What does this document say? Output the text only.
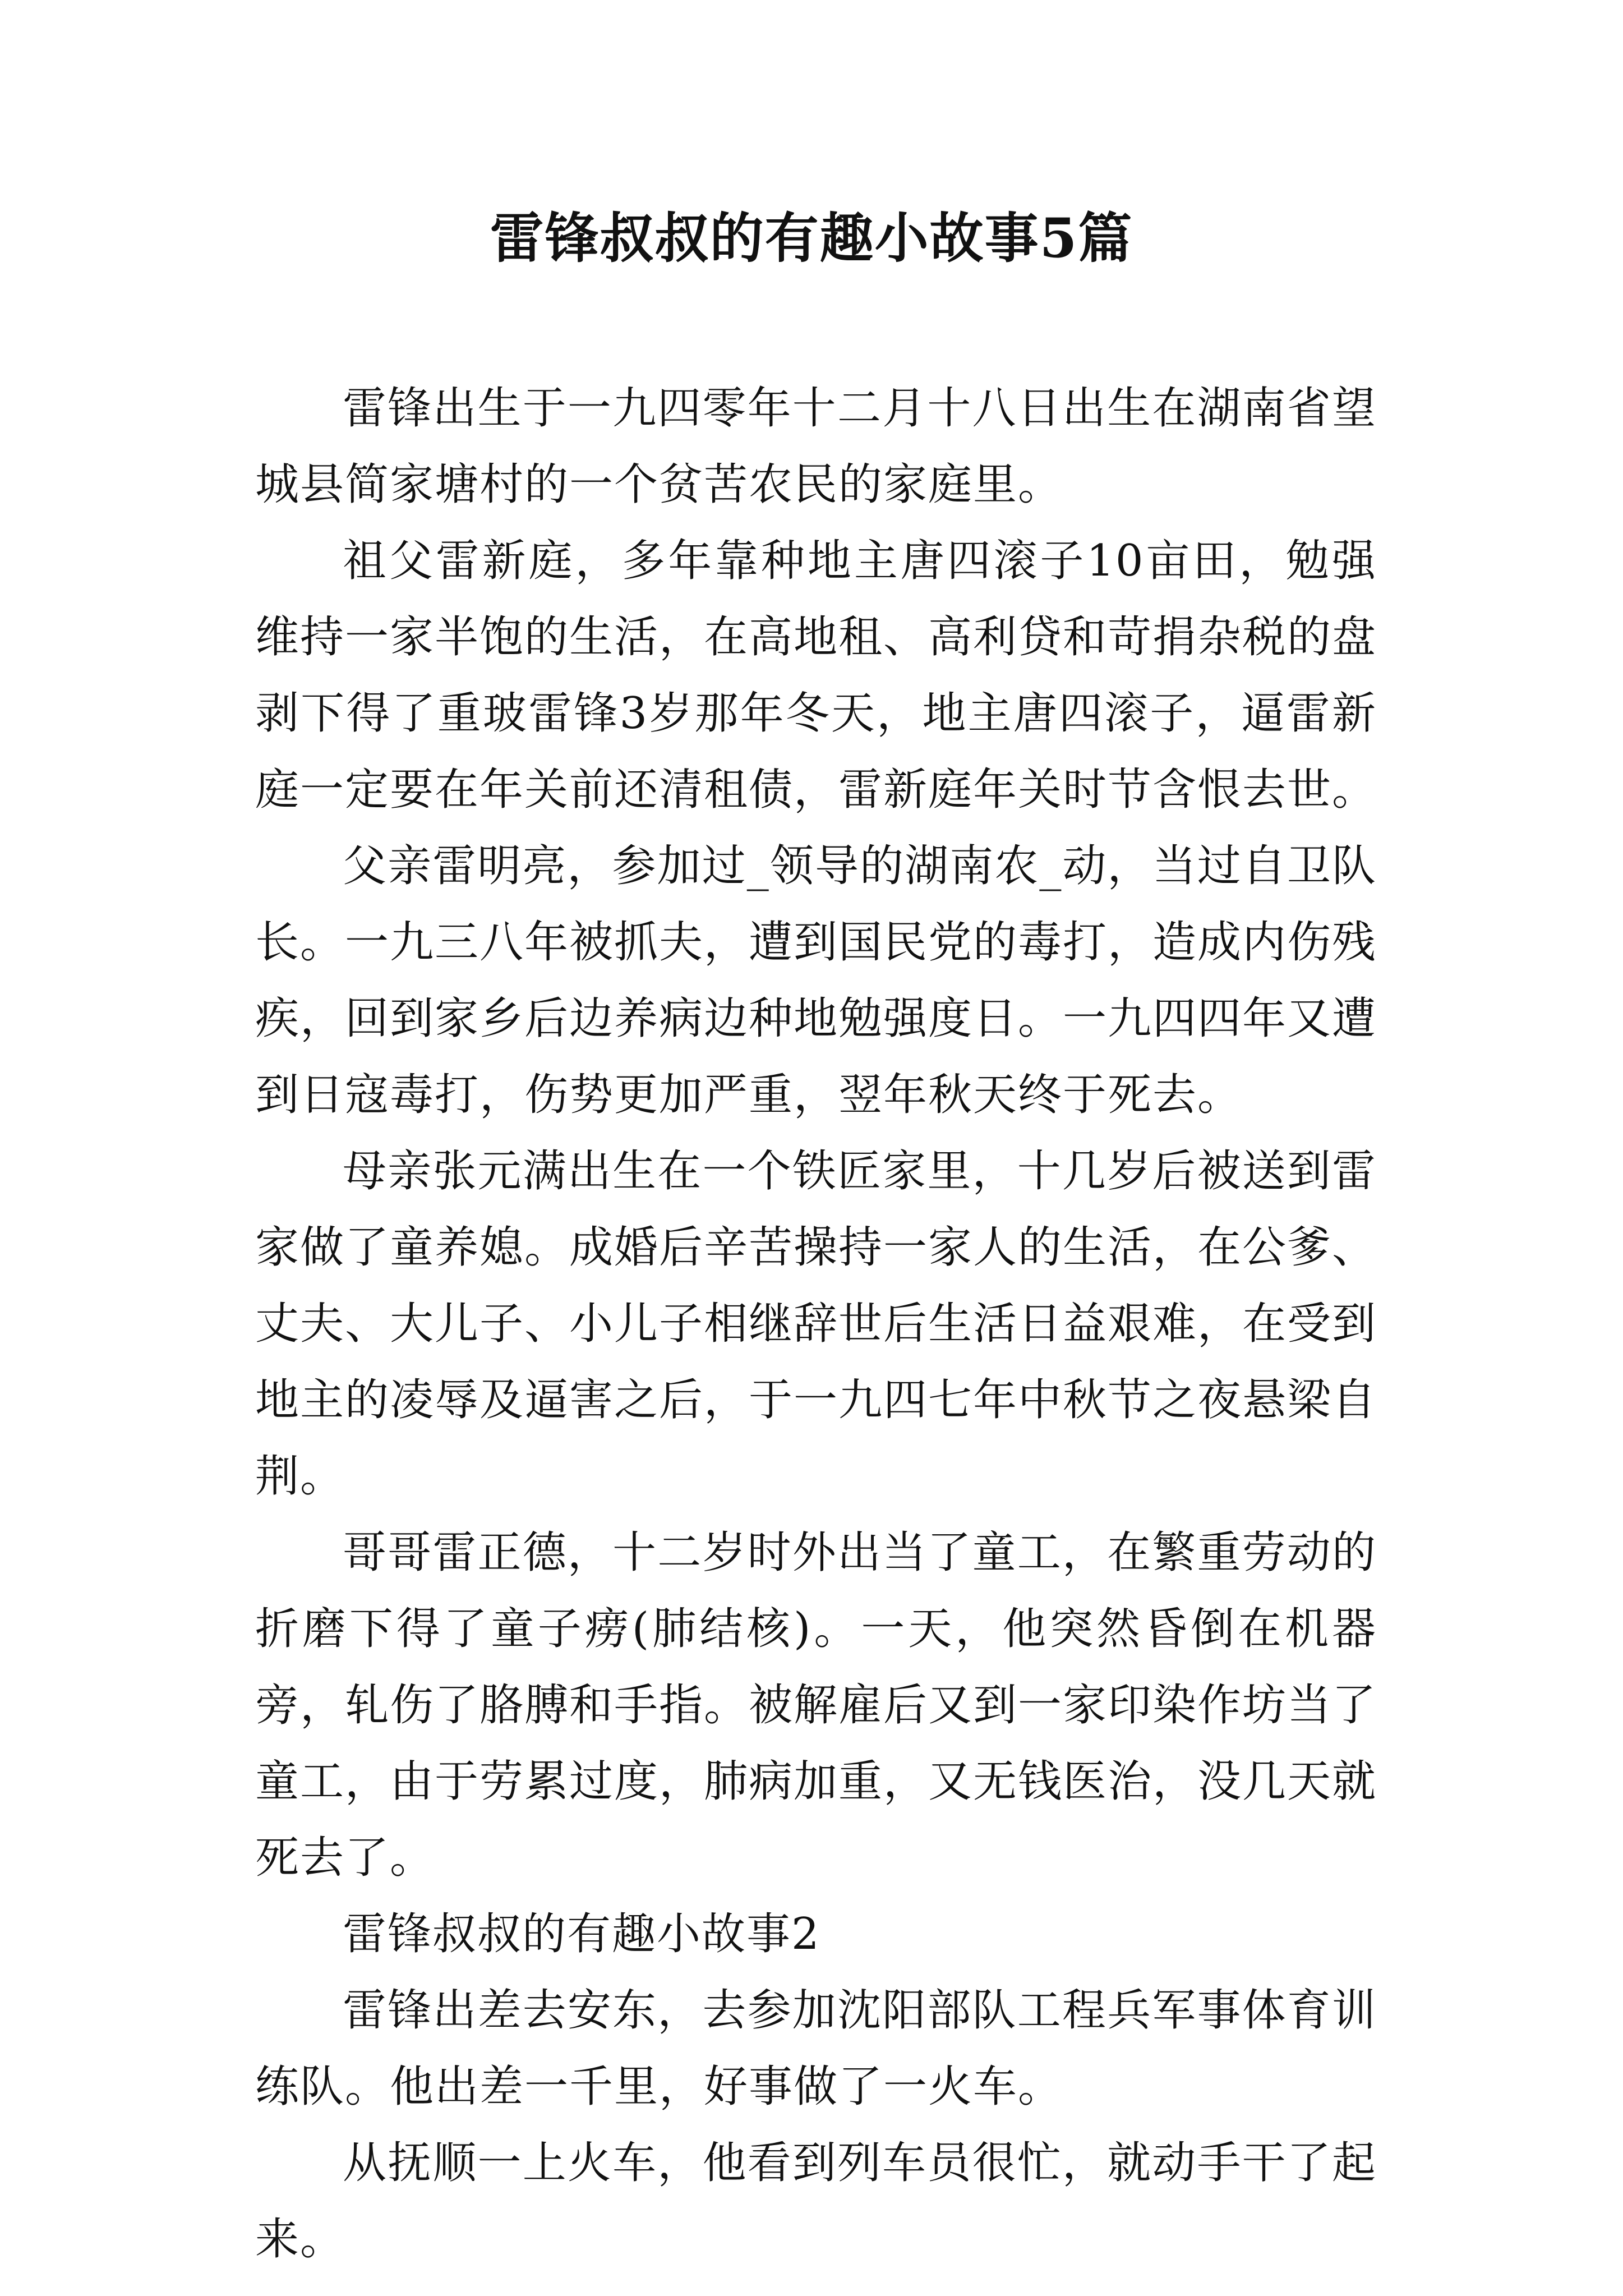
雷锋叔叔的有趣小故事5篇

雷锋出生于一九四零年十二月十八日出生在湖南省望城县简家塘村的一个贫苦农民的家庭里。

祖父雷新庭，多年靠种地主唐四滚子10亩田，勉强维持一家半饱的生活，在高地租、高利贷和苛捐杂税的盘剥下得了重玻雷锋3岁那年冬天，地主唐四滚子，逼雷新庭一定要在年关前还清租债，雷新庭年关时节含恨去世。

父亲雷明亮，参加过_领导的湖南农_动，当过自卫队长。一九三八年被抓夫，遭到国民党的毒打，造成内伤残疾，回到家乡后边养病边种地勉强度日。一九四四年又遭到日寇毒打，伤势更加严重，翌年秋天终于死去。

母亲张元满出生在一个铁匠家里，十几岁后被送到雷家做了童养媳。成婚后辛苦操持一家人的生活，在公爹、丈夫、大儿子、小儿子相继辞世后生活日益艰难，在受到地主的凌辱及逼害之后，于一九四七年中秋节之夜悬梁自荆。

哥哥雷正德，十二岁时外出当了童工，在繁重劳动的折磨下得了童子痨(肺结核)。一天，他突然昏倒在机器旁，轧伤了胳膊和手指。被解雇后又到一家印染作坊当了童工，由于劳累过度，肺病加重，又无钱医治，没几天就死去了。

雷锋叔叔的有趣小故事2

雷锋出差去安东，去参加沈阳部队工程兵军事体育训练队。他出差一千里，好事做了一火车。

从抚顺一上火车，他看到列车员很忙，就动手干了起来。
